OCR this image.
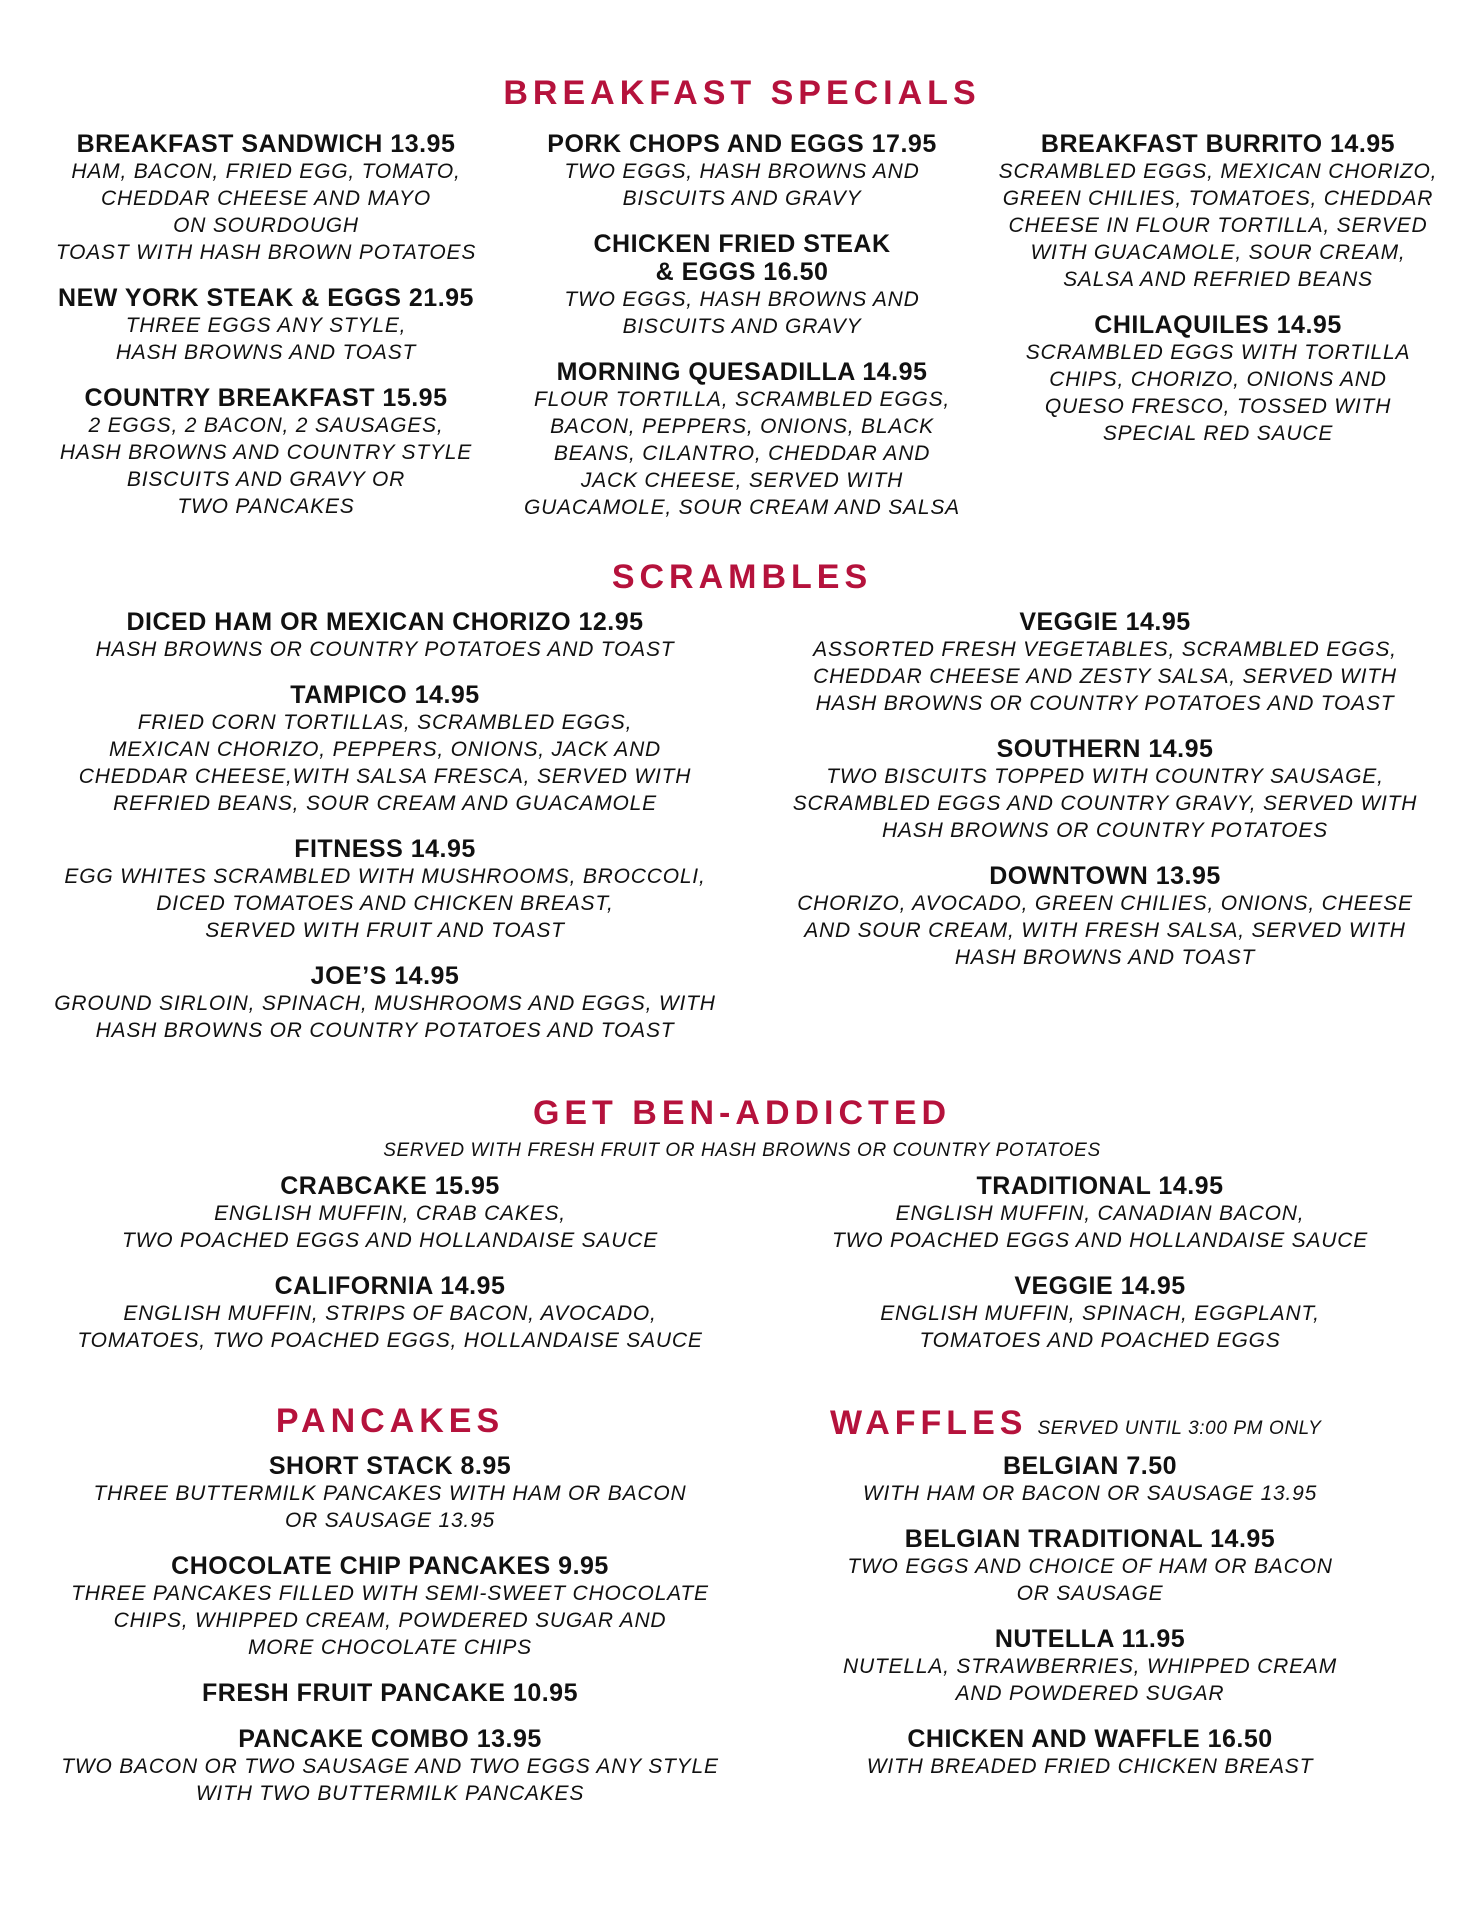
BREAKFAST SPECIALS
BREAKFAST SANDWICH 13.95
HAM, BACON, FRIED EGG, TOMATO,
CHEDDAR CHEESE AND MAYO
ON SOURDOUGH
TOAST WITH HASH BROWN POTATOES
NEW YORK STEAK & EGGS 21.95
THREE EGGS ANY STYLE,
HASH BROWNS AND TOAST
COUNTRY BREAKFAST 15.95
2 EGGS, 2 BACON, 2 SAUSAGES,
HASH BROWNS AND COUNTRY STYLE
BISCUITS AND GRAVY OR
TWO PANCAKES
PORK CHOPS AND EGGS 17.95
TWO EGGS, HASH BROWNS AND
BISCUITS AND GRAVY
CHICKEN FRIED STEAK
& EGGS 16.50
TWO EGGS, HASH BROWNS AND
BISCUITS AND GRAVY
MORNING QUESADILLA 14.95
FLOUR TORTILLA, SCRAMBLED EGGS,
BACON, PEPPERS, ONIONS, BLACK
BEANS, CILANTRO, CHEDDAR AND
JACK CHEESE, SERVED WITH
GUACAMOLE, SOUR CREAM AND SALSA
BREAKFAST BURRITO 14.95
SCRAMBLED EGGS, MEXICAN CHORIZO,
GREEN CHILIES, TOMATOES, CHEDDAR
CHEESE IN FLOUR TORTILLA, SERVED
WITH GUACAMOLE, SOUR CREAM,
SALSA AND REFRIED BEANS
CHILAQUILES 14.95
SCRAMBLED EGGS WITH TORTILLA
CHIPS, CHORIZO, ONIONS AND
QUESO FRESCO, TOSSED WITH
SPECIAL RED SAUCE
SCRAMBLES
DICED HAM OR MEXICAN CHORIZO 12.95
HASH BROWNS OR COUNTRY POTATOES AND TOAST
TAMPICO 14.95
FRIED CORN TORTILLAS, SCRAMBLED EGGS,
MEXICAN CHORIZO, PEPPERS, ONIONS, JACK AND
CHEDDAR CHEESE,WITH SALSA FRESCA, SERVED WITH
REFRIED BEANS, SOUR CREAM AND GUACAMOLE
FITNESS 14.95
EGG WHITES SCRAMBLED WITH MUSHROOMS, BROCCOLI,
DICED TOMATOES AND CHICKEN BREAST,
SERVED WITH FRUIT AND TOAST
JOE’S 14.95
GROUND SIRLOIN, SPINACH, MUSHROOMS AND EGGS, WITH
HASH BROWNS OR COUNTRY POTATOES AND TOAST
VEGGIE 14.95
ASSORTED FRESH VEGETABLES, SCRAMBLED EGGS,
CHEDDAR CHEESE AND ZESTY SALSA, SERVED WITH
HASH BROWNS OR COUNTRY POTATOES AND TOAST
SOUTHERN 14.95
TWO BISCUITS TOPPED WITH COUNTRY SAUSAGE,
SCRAMBLED EGGS AND COUNTRY GRAVY, SERVED WITH
HASH BROWNS OR COUNTRY POTATOES
DOWNTOWN 13.95
CHORIZO, AVOCADO, GREEN CHILIES, ONIONS, CHEESE
AND SOUR CREAM, WITH FRESH SALSA, SERVED WITH
HASH BROWNS AND TOAST
GET BEN-ADDICTED
SERVED WITH FRESH FRUIT OR HASH BROWNS OR COUNTRY POTATOES
CRABCAKE 15.95
ENGLISH MUFFIN, CRAB CAKES,
TWO POACHED EGGS AND HOLLANDAISE SAUCE
CALIFORNIA 14.95
ENGLISH MUFFIN, STRIPS OF BACON, AVOCADO,
TOMATOES, TWO POACHED EGGS, HOLLANDAISE SAUCE
TRADITIONAL 14.95
ENGLISH MUFFIN, CANADIAN BACON,
TWO POACHED EGGS AND HOLLANDAISE SAUCE
VEGGIE 14.95
ENGLISH MUFFIN, SPINACH, EGGPLANT,
TOMATOES AND POACHED EGGS
PANCAKES
SHORT STACK 8.95
THREE BUTTERMILK PANCAKES WITH HAM OR BACON
OR SAUSAGE 13.95
CHOCOLATE CHIP PANCAKES 9.95
THREE PANCAKES FILLED WITH SEMI-SWEET CHOCOLATE
CHIPS, WHIPPED CREAM, POWDERED SUGAR AND
MORE CHOCOLATE CHIPS
FRESH FRUIT PANCAKE 10.95
PANCAKE COMBO 13.95
TWO BACON OR TWO SAUSAGE AND TWO EGGS ANY STYLE
WITH TWO BUTTERMILK PANCAKES
WAFFLES SERVED UNTIL 3:00 PM ONLY
BELGIAN 7.50
WITH HAM OR BACON OR SAUSAGE 13.95
BELGIAN TRADITIONAL 14.95
TWO EGGS AND CHOICE OF HAM OR BACON
OR SAUSAGE
NUTELLA 11.95
NUTELLA, STRAWBERRIES, WHIPPED CREAM
AND POWDERED SUGAR
CHICKEN AND WAFFLE 16.50
WITH BREADED FRIED CHICKEN BREAST
